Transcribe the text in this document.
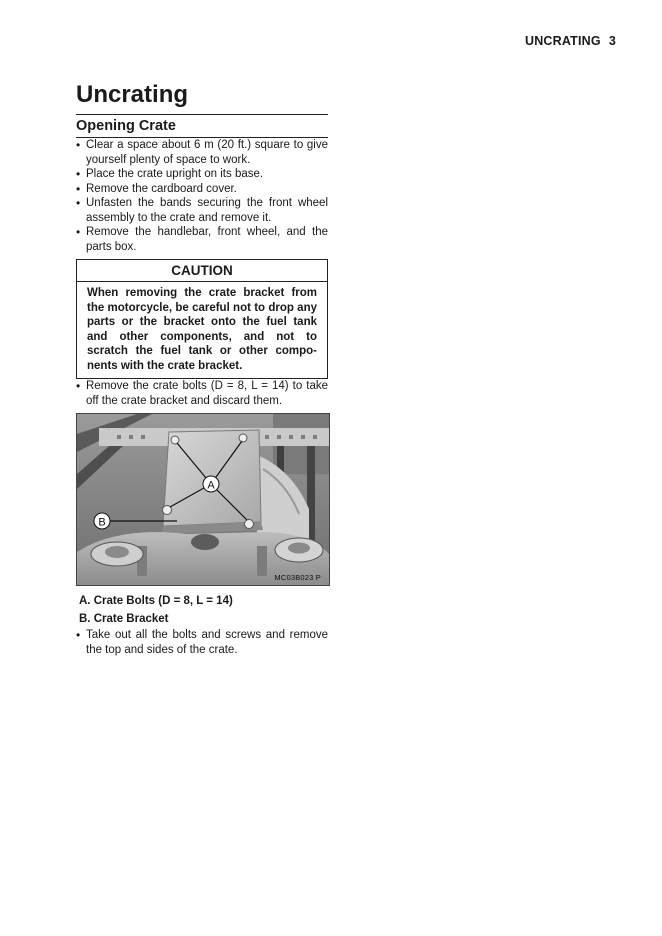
UNCRATING 3
Uncrating
Opening Crate
• Clear a space about 6 m (20 ft.) square to give yourself plenty of space to work.
• Place the crate upright on its base.
• Remove the cardboard cover.
• Unfasten the bands securing the front wheel assembly to the crate and remove it.
• Remove the handlebar, front wheel, and the parts box.
CAUTION
When removing the crate bracket from the motorcycle, be careful not to drop any parts or the bracket onto the fuel tank and other components, and not to scratch the fuel tank or other components with the crate bracket.
• Remove the crate bolts (D = 8, L = 14) to take off the crate bracket and discard them.
A
B
MC03B023 P
A. Crate Bolts (D = 8, L = 14)
B. Crate Bracket
• Take out all the bolts and screws and remove the top and sides of the crate.
